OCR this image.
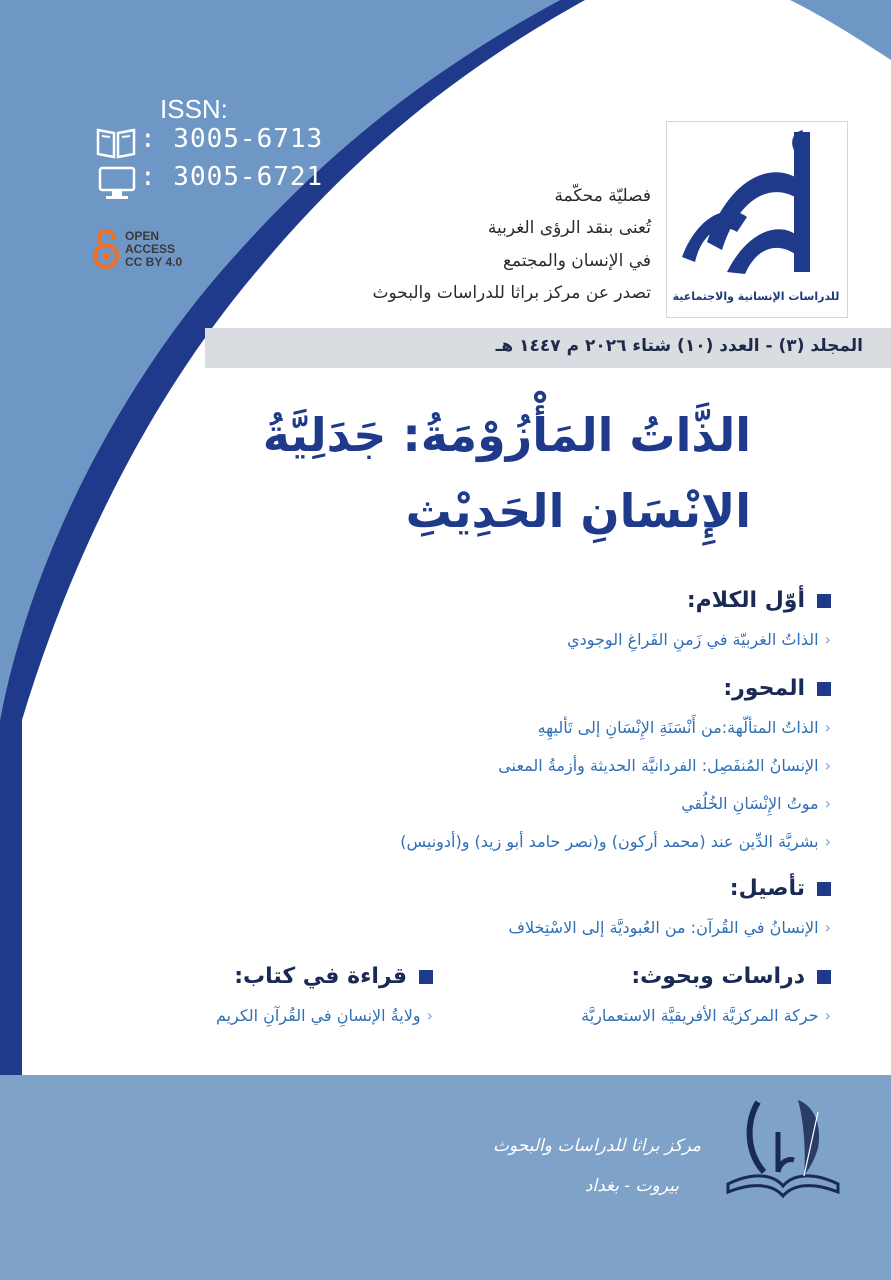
ISSN:
: 3005-6713
: 3005-6721
OPEN
ACCESS
CC BY 4.0
فصليّة محكّمة
تُعنى بنقد الرؤى الغربية
في الإنسان والمجتمع
تصدر عن مركز براثا للدراسات والبحوث	للدراسات الإنسانية والاجتماعية
المجلد (٣) - العدد (١٠) شتاء ٢٠٢٦ م ١٤٤٧ هـ
الذَّاتُ المَأْزُوْمَةُ: جَدَلِيَّةُ
الإِنْسَانِ الحَدِيْثِ
أوّل الكلام:
‹الذاتُ الغربيّة في زَمنِ الفَراغِ الوجودي
المحور:
‹الذاتُ المتألّهة:من أَنْسَنَةِ الإِنْسَانِ إلى تَأليهِهِ
‹الإنسانُ المُنفَصِل: الفردانيَّة الحديثة وأزمةُ المعنى
‹موتُ الإِنْسَانِ الخُلُقي
‹بشريَّة الدِّين عند (محمد أركون) و(نصر حامد أبو زيد) و(أدونيس)
تأصيل:
‹الإنسانُ في القُرآن: من العُبوديَّة إلى الاسْتِخلاف
دراسات وبحوث:
‹حركة المركزيَّة الأفريقيَّة الاستعماريَّة
قراءة في كتاب:
‹ولايةُ الإنسانِ في القُرآنِ الكريم
مركز براثا للدراسات والبحوث
بيروت - بغداد
